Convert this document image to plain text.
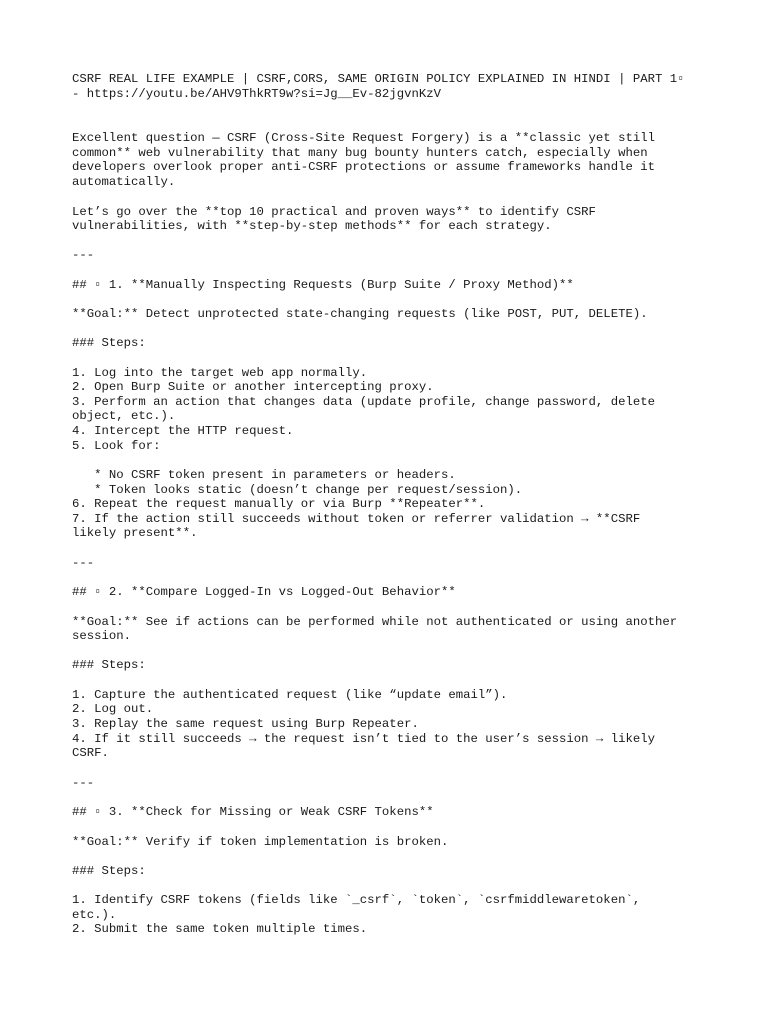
CSRF REAL LIFE EXAMPLE | CSRF,CORS, SAME ORIGIN POLICY EXPLAINED IN HINDI | PART 1▫

- https://youtu.be/AHV9ThkRT9w?si=Jg__Ev-82jgvnKzV

Excellent question — CSRF (Cross-Site Request Forgery) is a **classic yet still

common** web vulnerability that many bug bounty hunters catch, especially when

developers overlook proper anti-CSRF protections or assume frameworks handle it

automatically.

Let’s go over the **top 10 practical and proven ways** to identify CSRF

vulnerabilities, with **step-by-step methods** for each strategy.

---

## ▫ 1. **Manually Inspecting Requests (Burp Suite / Proxy Method)**

**Goal:** Detect unprotected state-changing requests (like POST, PUT, DELETE).

### Steps:

1. Log into the target web app normally.

2. Open Burp Suite or another intercepting proxy.

3. Perform an action that changes data (update profile, change password, delete

object, etc.).

4. Intercept the HTTP request.

5. Look for:

* No CSRF token present in parameters or headers.

* Token looks static (doesn’t change per request/session).

6. Repeat the request manually or via Burp **Repeater**.

7. If the action still succeeds without token or referrer validation → **CSRF

likely present**.

---

## ▫ 2. **Compare Logged-In vs Logged-Out Behavior**

**Goal:** See if actions can be performed while not authenticated or using another

session.

### Steps:

1. Capture the authenticated request (like “update email”).

2. Log out.

3. Replay the same request using Burp Repeater.

4. If it still succeeds → the request isn’t tied to the user’s session → likely

CSRF.

---

## ▫ 3. **Check for Missing or Weak CSRF Tokens**

**Goal:** Verify if token implementation is broken.

### Steps:

1. Identify CSRF tokens (fields like `_csrf`, `token`, `csrfmiddlewaretoken`,

etc.).

2. Submit the same token multiple times.
